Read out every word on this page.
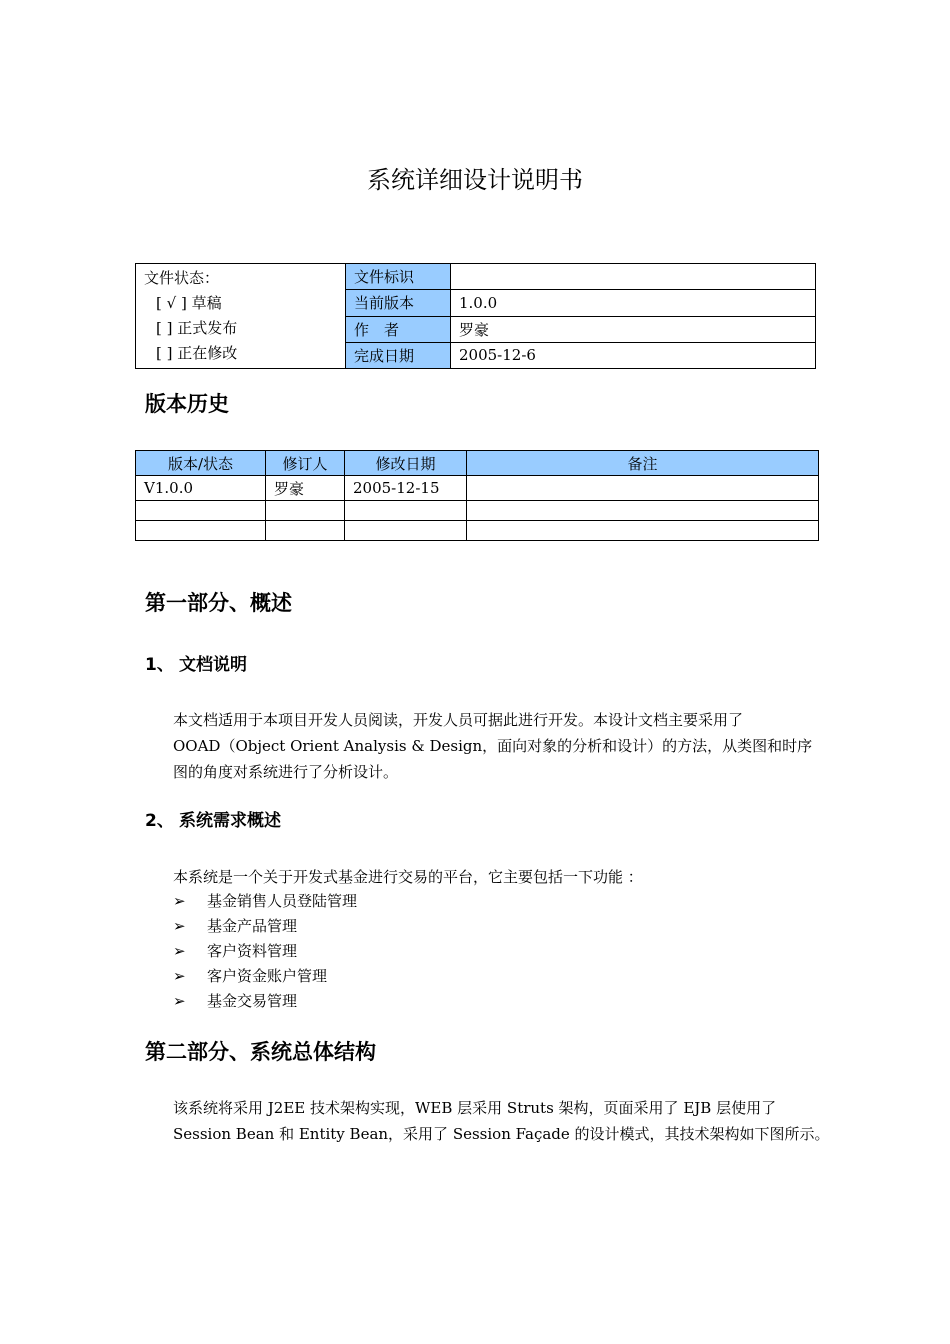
系统详细设计说明书
文件状态：
[ √ ] 草稿
[ ] 正式发布
[ ] 正在修改	文件标识	
	当前版本	1.0.0
	作　者	罗豪
	完成日期	2005-12-6
版本历史
版本/状态	修订人	修改日期	备注
V1.0.0	罗豪	2005-12-15	

第一部分、概述
1、 文档说明
本文档适用于本项目开发人员阅读，开发人员可据此进行开发。本设计文档主要采用了
OOAD（Object Orient Analysis & Design，面向对象的分析和设计）的方法，从类图和时序
图的角度对系统进行了分析设计。
2、 系统需求概述
本系统是一个关于开发式基金进行交易的平台，它主要包括一下功能 ：
➢ 基金销售人员登陆管理
➢ 基金产品管理
➢ 客户资料管理
➢ 客户资金账户管理
➢ 基金交易管理
第二部分、系统总体结构
该系统将采用 J2EE 技术架构实现，WEB 层采用 Struts 架构，页面采用了 EJB 层使用了
Session Bean 和 Entity Bean，采用了 Session Façade 的设计模式，其技术架构如下图所示。
